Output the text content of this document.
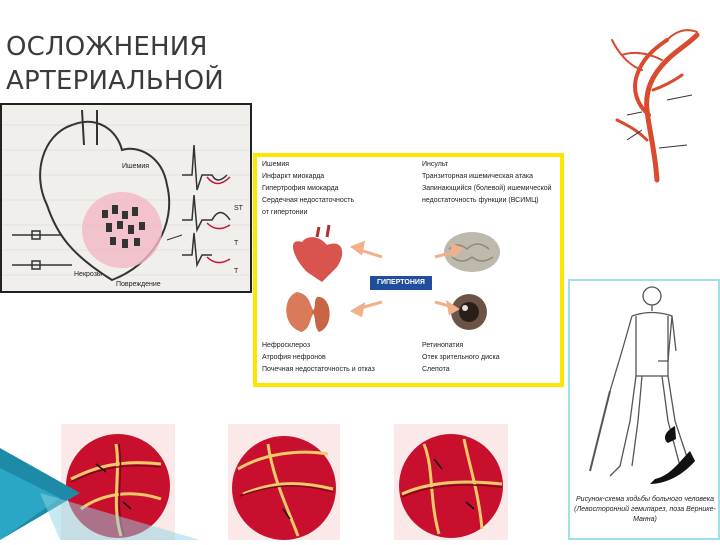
ОСЛОЖНЕНИЯ АРТЕРИАЛЬНОЙ
Ишемия
Некрозы
Повреждение
ST
T
T
Ишемия
Инфаркт миокарда
Гипертрофия миокарда
Сердечная недостаточность
от гипертонии
Инсульт
Транзиторная ишемическая атака
Запинающийся (болевой) ишемической
недостаточность функции (ВСИМЦ)
Нефросклероз
Атрофия нефронов
Почечная недостаточность и отказ
Ретинопатия
Отек зрительного диска
Слепота
ГИПЕРТОНИЯ
Рисунок-схема ходьбы больного человека (Левосторонний гемипарез, поза Вернике-Манна)
